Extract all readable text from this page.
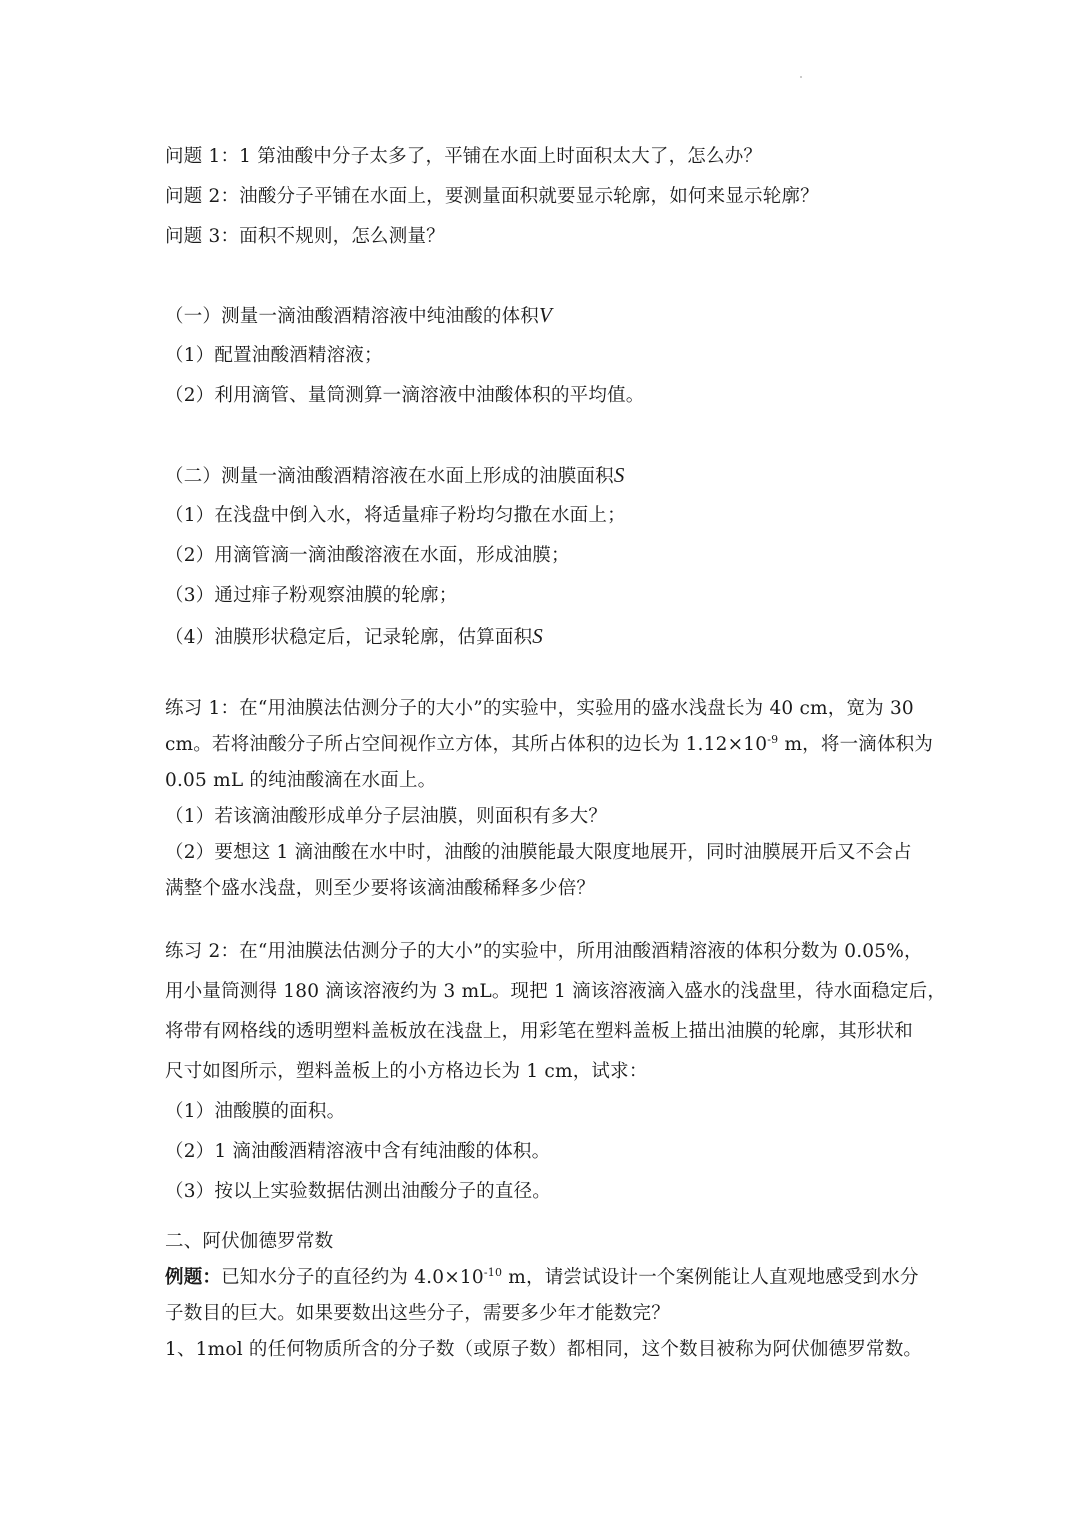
问题 1：1 第油酸中分子太多了，平铺在水面上时面积太大了，怎么办？
问题 2：油酸分子平铺在水面上，要测量面积就要显示轮廓，如何来显示轮廓？
问题 3：面积不规则，怎么测量？
（一）测量一滴油酸酒精溶液中纯油酸的体积V
（1）配置油酸酒精溶液；
（2）利用滴管、量筒测算一滴溶液中油酸体积的平均值。
（二）测量一滴油酸酒精溶液在水面上形成的油膜面积S
（1）在浅盘中倒入水，将适量痱子粉均匀撒在水面上；
（2）用滴管滴一滴油酸溶液在水面，形成油膜；
（3）通过痱子粉观察油膜的轮廓；
（4）油膜形状稳定后，记录轮廓，估算面积S
练习 1：在“用油膜法估测分子的大小”的实验中，实验用的盛水浅盘长为 40 cm，宽为 30
cm。若将油酸分子所占空间视作立方体，其所占体积的边长为 $1.12\times 10^{-9}$ m，将一滴体积为
0.05 mL 的纯油酸滴在水面上。
（1）若该滴油酸形成单分子层油膜，则面积有多大？
（2）要想这 1 滴油酸在水中时，油酸的油膜能最大限度地展开，同时油膜展开后又不会占
满整个盛水浅盘，则至少要将该滴油酸稀释多少倍？
练习 2：在“用油膜法估测分子的大小”的实验中，所用油酸酒精溶液的体积分数为 0.05%，
用小量筒测得 180 滴该溶液约为 3 mL。现把 1 滴该溶液滴入盛水的浅盘里，待水面稳定后，
将带有网格线的透明塑料盖板放在浅盘上，用彩笔在塑料盖板上描出油膜的轮廓，其形状和
尺寸如图所示，塑料盖板上的小方格边长为 1 cm，试求：
（1）油酸膜的面积。
（2）1 滴油酸酒精溶液中含有纯油酸的体积。
（3）按以上实验数据估测出油酸分子的直径。
二、阿伏伽德罗常数
例题：已知水分子的直径约为 $4.0\times 10^{-10}$ m，请尝试设计一个案例能让人直观地感受到水分
子数目的巨大。如果要数出这些分子，需要多少年才能数完？
1、1mol 的任何物质所含的分子数（或原子数）都相同，这个数目被称为阿伏伽德罗常数。
